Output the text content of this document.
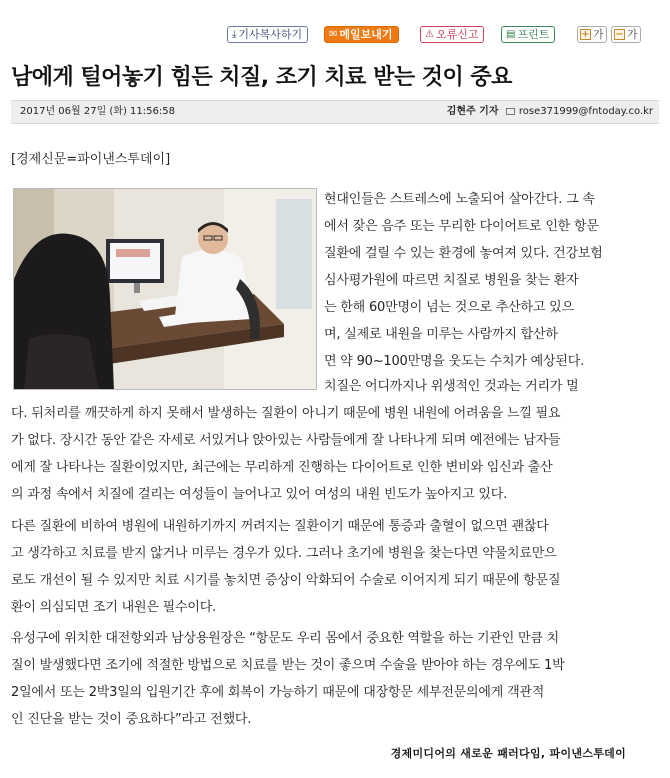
⤓ 기사복사하기	✉ 메일보내기	⚠ 오류신고	▤ 프린트	+ 가 − 가
남에게 털어놓기 힘든 치질, 조기 치료 받는 것이 중요
2017년 06월 27일 (화) 11:56:58	김현주 기자 rose371999@fntoday.co.kr
[경제신문=파이낸스투데이]
현대인들은 스트레스에 노출되어 살아간다. 그 속
에서 잦은 음주 또는 무리한 다이어트로 인한 항문
질환에 걸릴 수 있는 환경에 놓여져 있다. 건강보험
심사평가원에 따르면 치질로 병원을 찾는 환자
는 한해 60만명이 넘는 것으로 추산하고 있으
며, 실제로 내원을 미루는 사람까지 합산하
면 약 90~100만명을 웃도는 수치가 예상된다.
치질은 어디까지나 위생적인 것과는 거리가 멀
다. 뒤처리를 깨끗하게 하지 못해서 발생하는 질환이 아니기 때문에 병원 내원에 어려움을 느낄 필요
가 없다. 장시간 동안 같은 자세로 서있거나 앉아있는 사람들에게 잘 나타나게 되며 예전에는 남자들
에게 잘 나타나는 질환이었지만, 최근에는 무리하게 진행하는 다이어트로 인한 변비와 임신과 출산
의 과정 속에서 치질에 걸리는 여성들이 늘어나고 있어 여성의 내원 빈도가 높아지고 있다.
다른 질환에 비하여 병원에 내원하기까지 꺼려지는 질환이기 때문에 통증과 출혈이 없으면 괜찮다
고 생각하고 치료를 받지 않거나 미루는 경우가 있다. 그러나 초기에 병원을 찾는다면 약물치료만으
로도 개선이 될 수 있지만 치료 시기를 놓치면 증상이 악화되어 수술로 이어지게 되기 때문에 항문질
환이 의심되면 조기 내원은 필수이다.
유성구에 위치한 대전항외과 남상용원장은 “항문도 우리 몸에서 중요한 역할을 하는 기관인 만큼 치
질이 발생했다면 조기에 적절한 방법으로 치료를 받는 것이 좋으며 수술을 받아야 하는 경우에도 1박
2일에서 또는 2박3일의 입원기간 후에 회복이 가능하기 때문에 대장항문 세부전문의에게 객관적
인 진단을 받는 것이 중요하다”라고 전했다.
경제미디어의 새로운 패러다임, 파이낸스투데이
